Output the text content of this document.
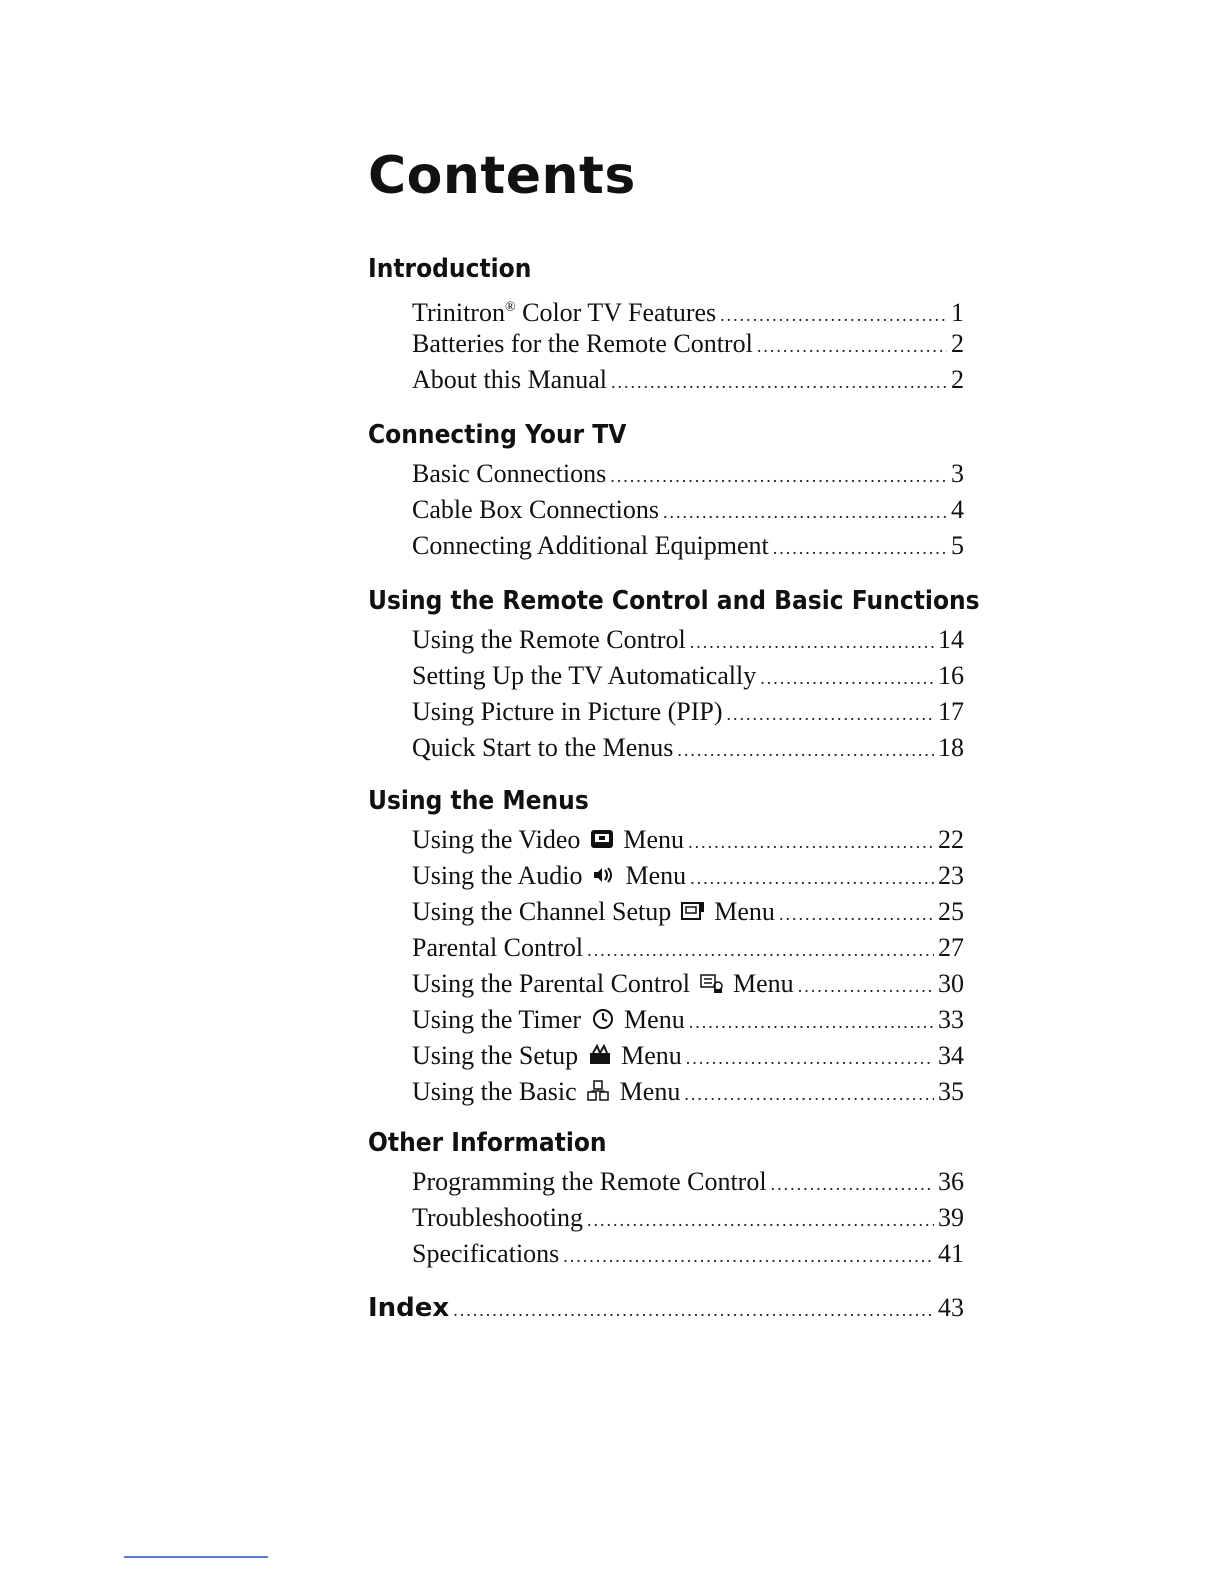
Contents
Introduction
Trinitron® Color TV Features .....	1
Batteries for the Remote Control .....	2
About this Manual .....	2
Connecting Your TV
Basic Connections .....	3
Cable Box Connections .....	4
Connecting Additional Equipment .....	5
Using the Remote Control and Basic Functions
Using the Remote Control .....	14
Setting Up the TV Automatically .....	16
Using Picture in Picture (PIP) .....	17
Quick Start to the Menus .....	18
Using the Menus
Using the Video Menu .....	22
Using the Audio Menu .....	23
Using the Channel Setup Menu .....	25
Parental Control .....	27
Using the Parental Control Menu .....	30
Using the Timer Menu .....	33
Using the Setup Menu .....	34
Using the Basic Menu .....	35
Other Information
Programming the Remote Control .....	36
Troubleshooting .....	39
Specifications .....	41
Index .....	43
